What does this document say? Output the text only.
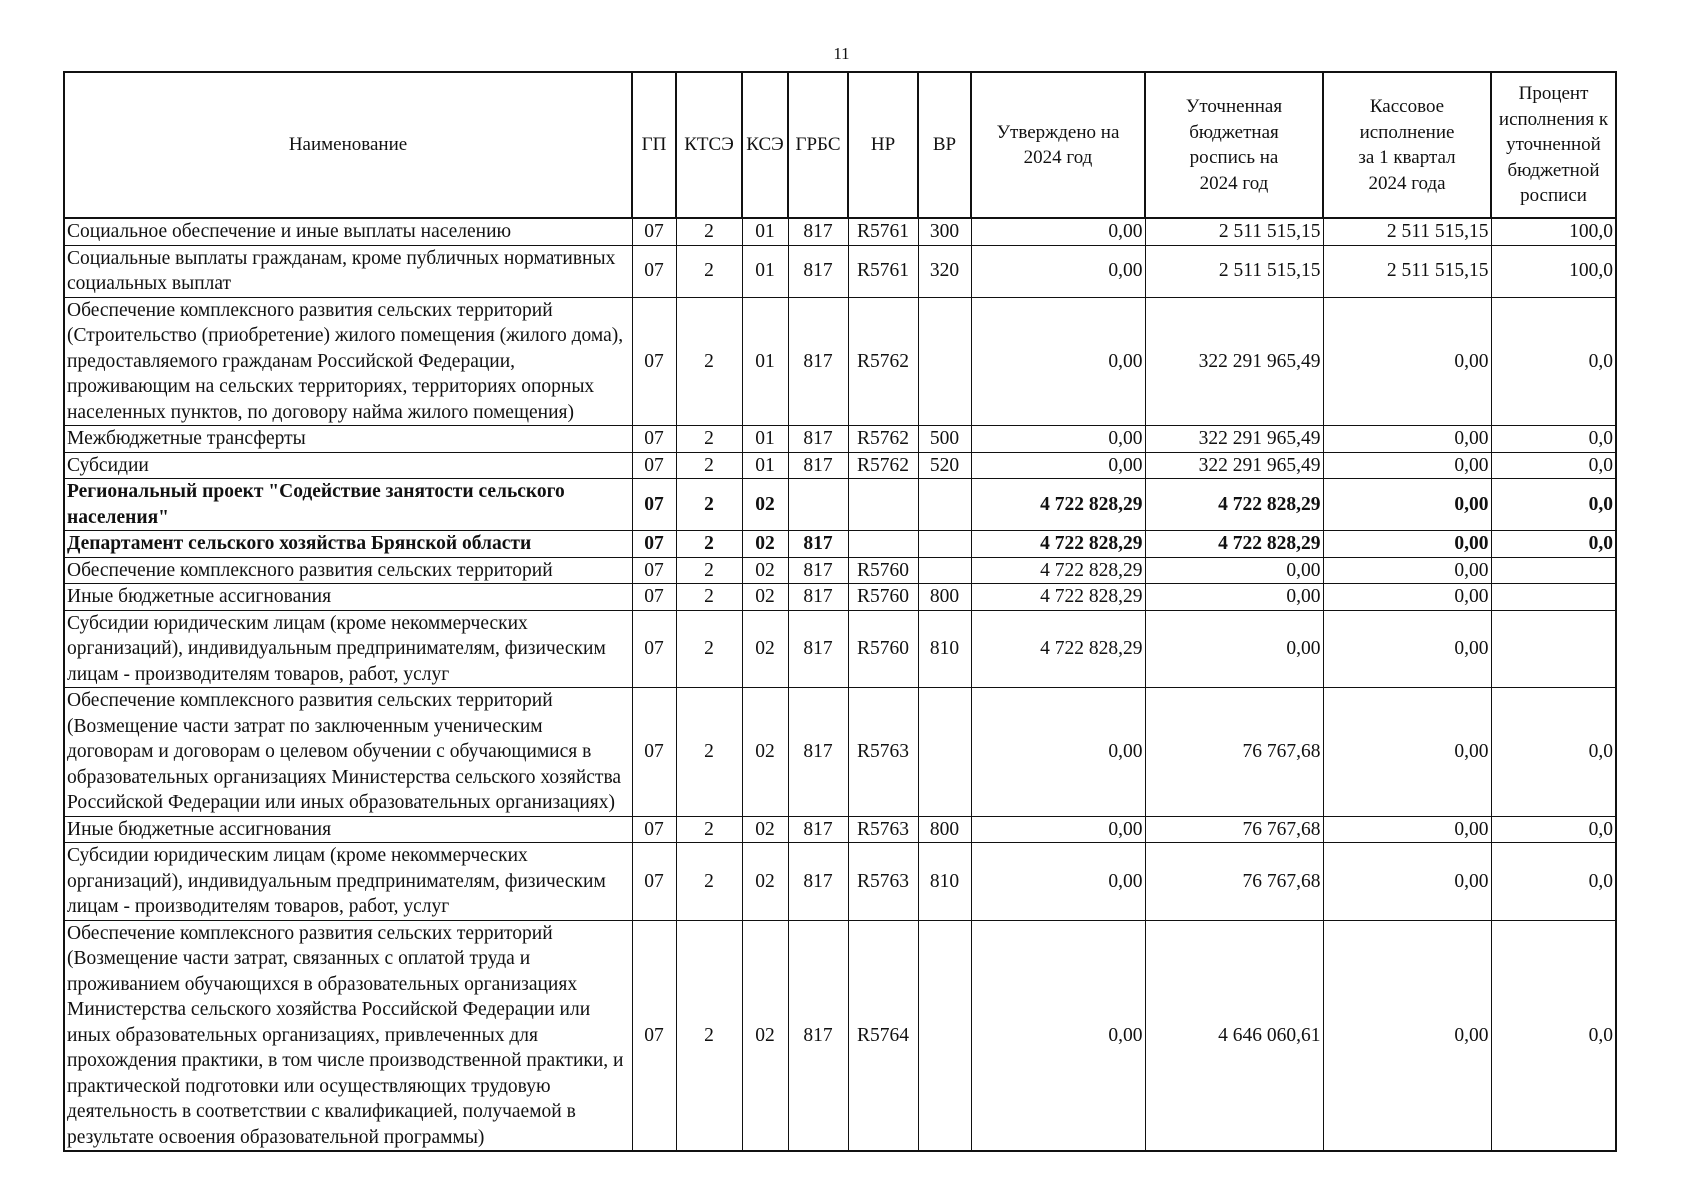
11
Наименование	ГП	КТСЭ	КСЭ	ГРБС	НР	ВР	Утверждено на 2024 год	Уточненная бюджетная роспись на 2024 год	Кассовое исполнение за 1 квартал 2024 года	Процент исполнения к уточненной бюджетной росписи
Социальное обеспечение и иные выплаты населению	07	2	01	817	R5761	300	0,00	2 511 515,15	2 511 515,15	100,0
Социальные выплаты гражданам, кроме публичных нормативных социальных выплат	07	2	01	817	R5761	320	0,00	2 511 515,15	2 511 515,15	100,0
Обеспечение комплексного развития сельских территорий (Строительство (приобретение) жилого помещения (жилого дома), предоставляемого гражданам Российской Федерации, проживающим на сельских территориях, территориях опорных населенных пунктов, по договору найма жилого помещения)	07	2	01	817	R5762		0,00	322 291 965,49	0,00	0,0
Межбюджетные трансферты	07	2	01	817	R5762	500	0,00	322 291 965,49	0,00	0,0
Субсидии	07	2	01	817	R5762	520	0,00	322 291 965,49	0,00	0,0
Региональный проект "Содействие занятости сельского населения"	07	2	02				4 722 828,29	4 722 828,29	0,00	0,0
Департамент сельского хозяйства Брянской области	07	2	02	817			4 722 828,29	4 722 828,29	0,00	0,0
Обеспечение комплексного развития сельских территорий	07	2	02	817	R5760		4 722 828,29	0,00	0,00	
Иные бюджетные ассигнования	07	2	02	817	R5760	800	4 722 828,29	0,00	0,00	
Субсидии юридическим лицам (кроме некоммерческих организаций), индивидуальным предпринимателям, физическим лицам - производителям товаров, работ, услуг	07	2	02	817	R5760	810	4 722 828,29	0,00	0,00	
Обеспечение комплексного развития сельских территорий (Возмещение части затрат по заключенным ученическим договорам и договорам о целевом обучении с обучающимися в образовательных организациях Министерства сельского хозяйства Российской Федерации или иных образовательных организациях)	07	2	02	817	R5763		0,00	76 767,68	0,00	0,0
Иные бюджетные ассигнования	07	2	02	817	R5763	800	0,00	76 767,68	0,00	0,0
Субсидии юридическим лицам (кроме некоммерческих организаций), индивидуальным предпринимателям, физическим лицам - производителям товаров, работ, услуг	07	2	02	817	R5763	810	0,00	76 767,68	0,00	0,0
Обеспечение комплексного развития сельских территорий (Возмещение части затрат, связанных с оплатой труда и проживанием обучающихся в образовательных организациях Министерства сельского хозяйства Российской Федерации или иных образовательных организациях, привлеченных для прохождения практики, в том числе производственной практики, и практической подготовки или осуществляющих трудовую деятельность в соответствии с квалификацией, получаемой в результате освоения образовательной программы)	07	2	02	817	R5764		0,00	4 646 060,61	0,00	0,0
